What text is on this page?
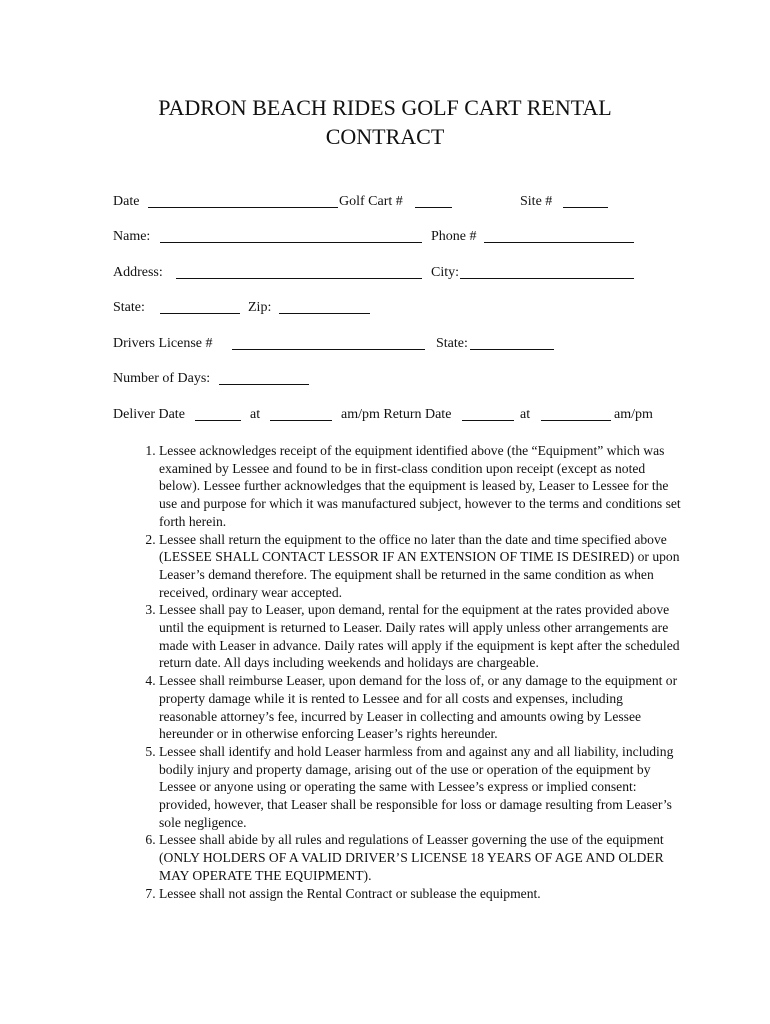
PADRON BEACH RIDES GOLF CART RENTAL CONTRACT
Date	Golf Cart #	Site #
Name:	Phone #
Address:	City:
State:	Zip:
Drivers License #	State:
Number of Days:
Deliver Date	at	am/pm Return Date	at	am/pm
1. Lessee acknowledges receipt of the equipment identified above (the “Equipment” which was examined by Lessee and found to be in first-class condition upon receipt (except as noted below). Lessee further acknowledges that the equipment is leased by, Leaser to Lessee for the use and purpose for which it was manufactured subject, however to the terms and conditions set forth herein.
2. Lessee shall return the equipment to the office no later than the date and time specified above (LESSEE SHALL CONTACT LESSOR IF AN EXTENSION OF TIME IS DESIRED) or upon Leaser’s demand therefore. The equipment shall be returned in the same condition as when received, ordinary wear accepted.
3. Lessee shall pay to Leaser, upon demand, rental for the equipment at the rates provided above until the equipment is returned to Leaser. Daily rates will apply unless other arrangements are made with Leaser in advance. Daily rates will apply if the equipment is kept after the scheduled return date. All days including weekends and holidays are chargeable.
4. Lessee shall reimburse Leaser, upon demand for the loss of, or any damage to the equipment or property damage while it is rented to Lessee and for all costs and expenses, including reasonable attorney’s fee, incurred by Leaser in collecting and amounts owing by Lessee hereunder or in otherwise enforcing Leaser’s rights hereunder.
5. Lessee shall identify and hold Leaser harmless from and against any and all liability, including bodily injury and property damage, arising out of the use or operation of the equipment by Lessee or anyone using or operating the same with Lessee’s express or implied consent: provided, however, that Leaser shall be responsible for loss or damage resulting from Leaser’s sole negligence.
6. Lessee shall abide by all rules and regulations of Leasser governing the use of the equipment (ONLY HOLDERS OF A VALID DRIVER’S LICENSE 18 YEARS OF AGE AND OLDER MAY OPERATE THE EQUIPMENT).
7. Lessee shall not assign the Rental Contract or sublease the equipment.
